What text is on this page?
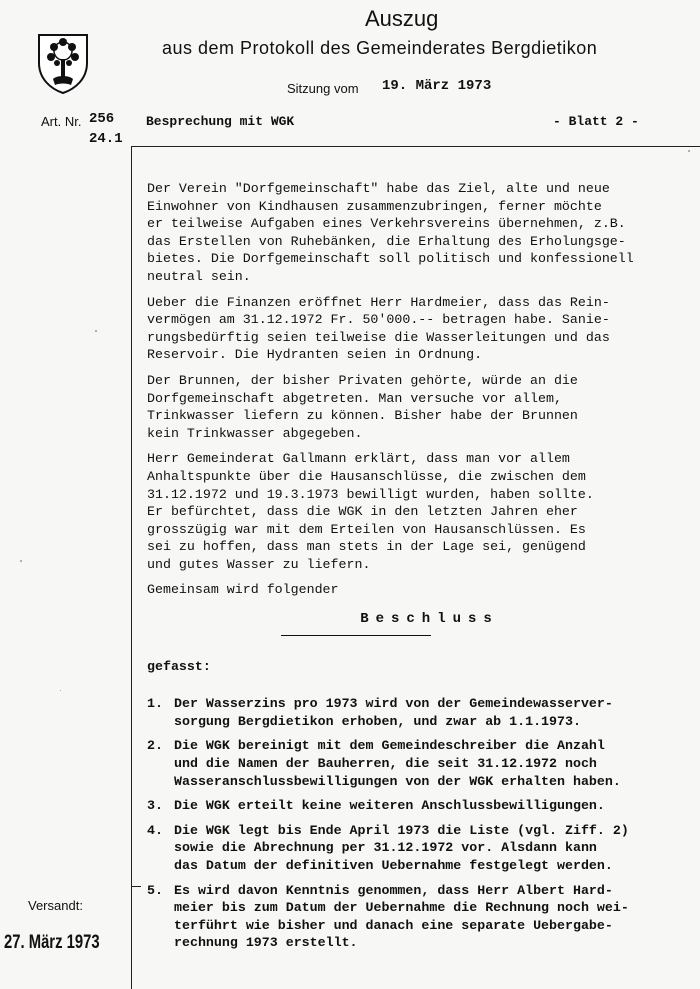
Auszug
aus dem Protokoll des Gemeinderates Bergdietikon
Sitzung vom 19. März 1973
Art. Nr. 256
24.1
Besprechung mit WGK	- Blatt 2 -

Der Verein "Dorfgemeinschaft" habe das Ziel, alte und neue
Einwohner von Kindhausen zusammenzubringen, ferner möchte
er teilweise Aufgaben eines Verkehrsvereins übernehmen, z.B.
das Erstellen von Ruhebänken, die Erhaltung des Erholungsge-
bietes. Die Dorfgemeinschaft soll politisch und konfessionell
neutral sein.

Ueber die Finanzen eröffnet Herr Hardmeier, dass das Rein-
vermögen am 31.12.1972 Fr. 50'000.-- betragen habe. Sanie-
rungsbedürftig seien teilweise die Wasserleitungen und das
Reservoir. Die Hydranten seien in Ordnung.

Der Brunnen, der bisher Privaten gehörte, würde an die
Dorfgemeinschaft abgetreten. Man versuche vor allem,
Trinkwasser liefern zu können. Bisher habe der Brunnen
kein Trinkwasser abgegeben.

Herr Gemeinderat Gallmann erklärt, dass man vor allem
Anhaltspunkte über die Hausanschlüsse, die zwischen dem
31.12.1972 und 19.3.1973 bewilligt wurden, haben sollte.
Er befürchtet, dass die WGK in den letzten Jahren eher
grosszügig war mit dem Erteilen von Hausanschlüssen. Es
sei zu hoffen, dass man stets in der Lage sei, genügend
und gutes Wasser zu liefern.

Gemeinsam wird folgender

Beschluss
gefasst:
1. Der Wasserzins pro 1973 wird von der Gemeindewasserver-
sorgung Bergdietikon erhoben, und zwar ab 1.1.1973.
2. Die WGK bereinigt mit dem Gemeindeschreiber die Anzahl
und die Namen der Bauherren, die seit 31.12.1972 noch
Wasseranschlussbewilligungen von der WGK erhalten haben.
3. Die WGK erteilt keine weiteren Anschlussbewilligungen.
4. Die WGK legt bis Ende April 1973 die Liste (vgl. Ziff. 2)
sowie die Abrechnung per 31.12.1972 vor. Alsdann kann
das Datum der definitiven Uebernahme festgelegt werden.
5. Es wird davon Kenntnis genommen, dass Herr Albert Hard-
meier bis zum Datum der Uebernahme die Rechnung noch wei-
terführt wie bisher und danach eine separate Uebergabe-
rechnung 1973 erstellt.
Versandt:
27. März 1973
